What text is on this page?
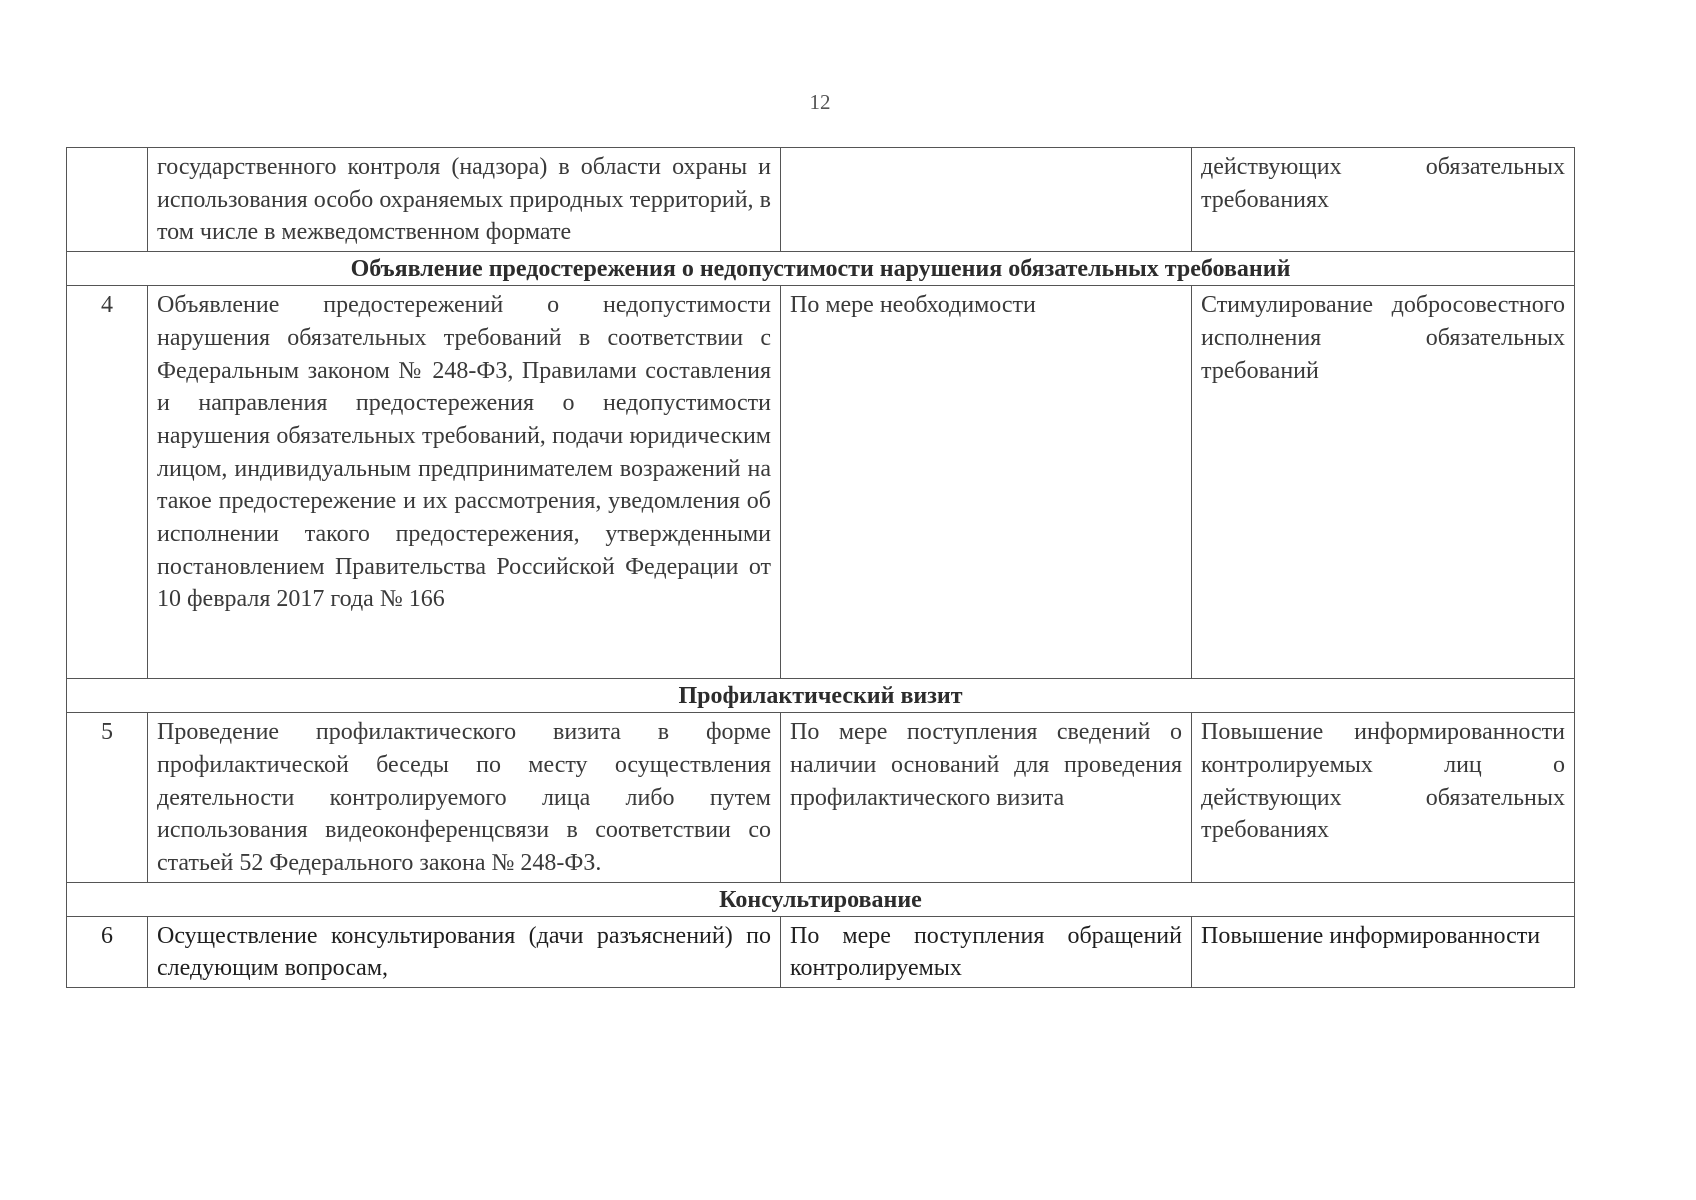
12
	государственного контроля (надзора) в области охраны и использования особо охраняемых природных территорий, в том числе в межведомственном формате		действующих обязательных требованиях
Объявление предостережения о недопустимости нарушения обязательных требований			
4	Объявление предостережений о недопустимости нарушения обязательных требований в соответствии с Федеральным законом № 248-ФЗ, Правилами составления и направления предостережения о недопустимости нарушения обязательных требований, подачи юридическим лицом, индивидуальным предпринимателем возражений на такое предостережение и их рассмотрения, уведомления об исполнении такого предостережения, утвержденными постановлением Правительства Российской Федерации от 10 февраля 2017 года № 166	По мере необходимости	Стимулирование добросовестного исполнения обязательных требований
Профилактический визит			
5	Проведение профилактического визита в форме профилактической беседы по месту осуществления деятельности контролируемого лица либо путем использования видеоконференцсвязи в соответствии со статьей 52 Федерального закона № 248-ФЗ.	По мере поступления сведений о наличии оснований для проведения профилактического визита	Повышение информированности контролируемых лиц о действующих обязательных требованиях
Консультирование			
6	Осуществление консультирования (дачи разъяснений) по следующим вопросам,	По мере поступления обращений контролируемых	Повышение информированности
